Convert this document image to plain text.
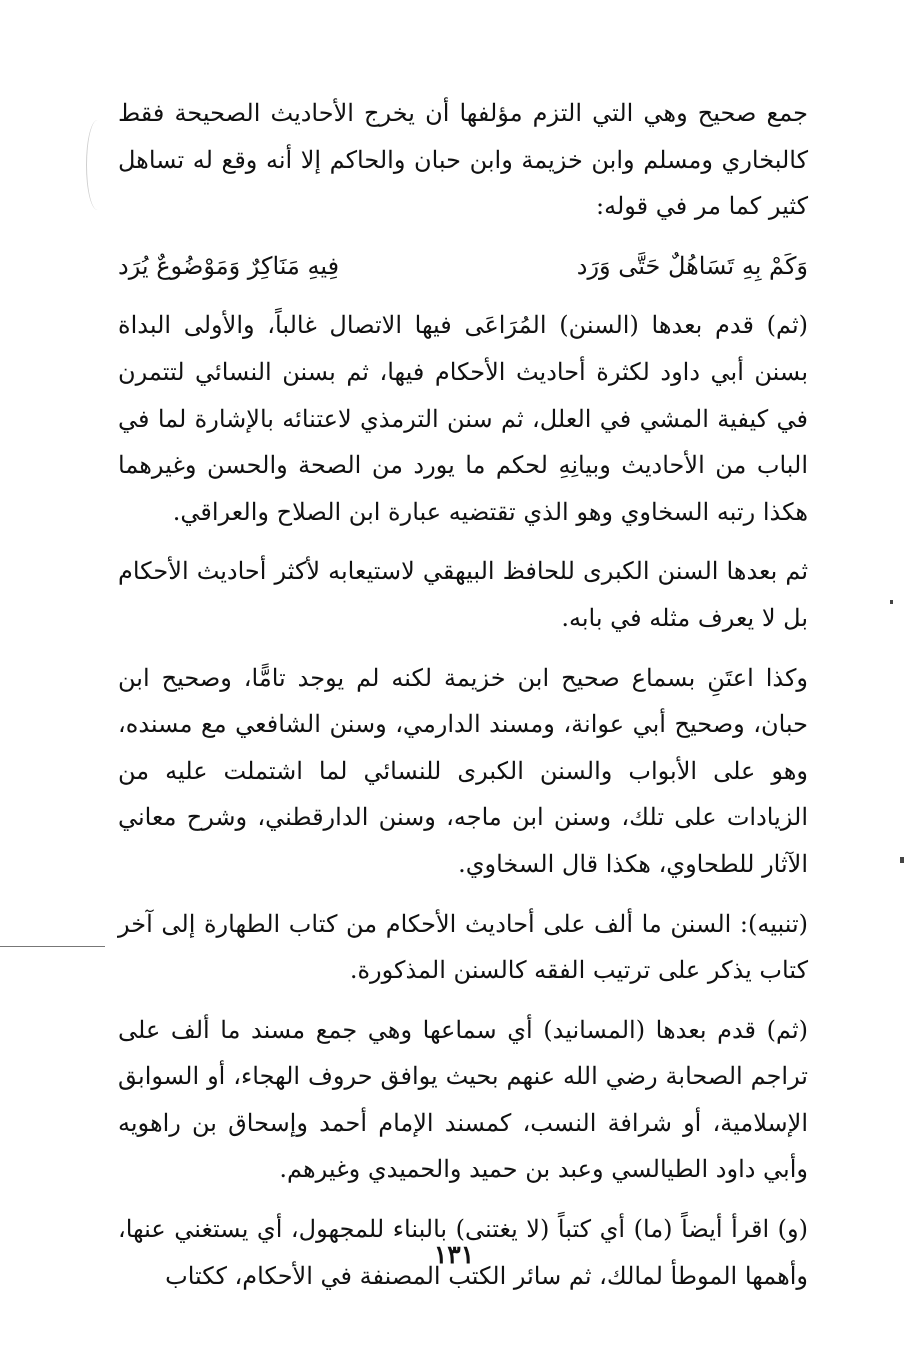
جمع صحيح وهي التي التزم مؤلفها أن يخرج الأحاديث الصحيحة فقط كالبخاري ومسلم وابن خزيمة وابن حبان والحاكم إلا أنه وقع له تساهل كثير كما مر في قوله:

وَكَمْ بِهِ تَسَاهُلٌ حَتَّى وَرَد
فِيهِ مَنَاكِرٌ وَمَوْضُوعٌ يُرَد

(ثم) قدم بعدها (السنن) المُرَاعَى فيها الاتصال غالباً، والأولى البداة بسنن أبي داود لكثرة أحاديث الأحكام فيها، ثم بسنن النسائي لتتمرن في كيفية المشي في العلل، ثم سنن الترمذي لاعتنائه بالإشارة لما في الباب من الأحاديث وبيانِهِ لحكم ما يورد من الصحة والحسن وغيرهما هكذا رتبه السخاوي وهو الذي تقتضيه عبارة ابن الصلاح والعراقي.

ثم بعدها السنن الكبرى للحافظ البيهقي لاستيعابه لأكثر أحاديث الأحكام بل لا يعرف مثله في بابه.

وكذا اعتَنِ بسماع صحيح ابن خزيمة لكنه لم يوجد تامًّا، وصحيح ابن حبان، وصحيح أبي عوانة، ومسند الدارمي، وسنن الشافعي مع مسنده، وهو على الأبواب والسنن الكبرى للنسائي لما اشتملت عليه من الزيادات على تلك، وسنن ابن ماجه، وسنن الدارقطني، وشرح معاني الآثار للطحاوي، هكذا قال السخاوي.

(تنبيه): السنن ما ألف على أحاديث الأحكام من كتاب الطهارة إلى آخر كتاب يذكر على ترتيب الفقه كالسنن المذكورة.

(ثم) قدم بعدها (المسانيد) أي سماعها وهي جمع مسند ما ألف على تراجم الصحابة رضي الله عنهم بحيث يوافق حروف الهجاء، أو السوابق الإسلامية، أو شرافة النسب، كمسند الإمام أحمد وإسحاق بن راهويه وأبي داود الطيالسي وعبد بن حميد والحميدي وغيرهم.

(و) اقرأ أيضاً (ما) أي كتباً (لا يغتنى) بالبناء للمجهول، أي يستغني عنها، وأهمها الموطأ لمالك، ثم سائر الكتب المصنفة في الأحكام، ككتاب

١٣١
